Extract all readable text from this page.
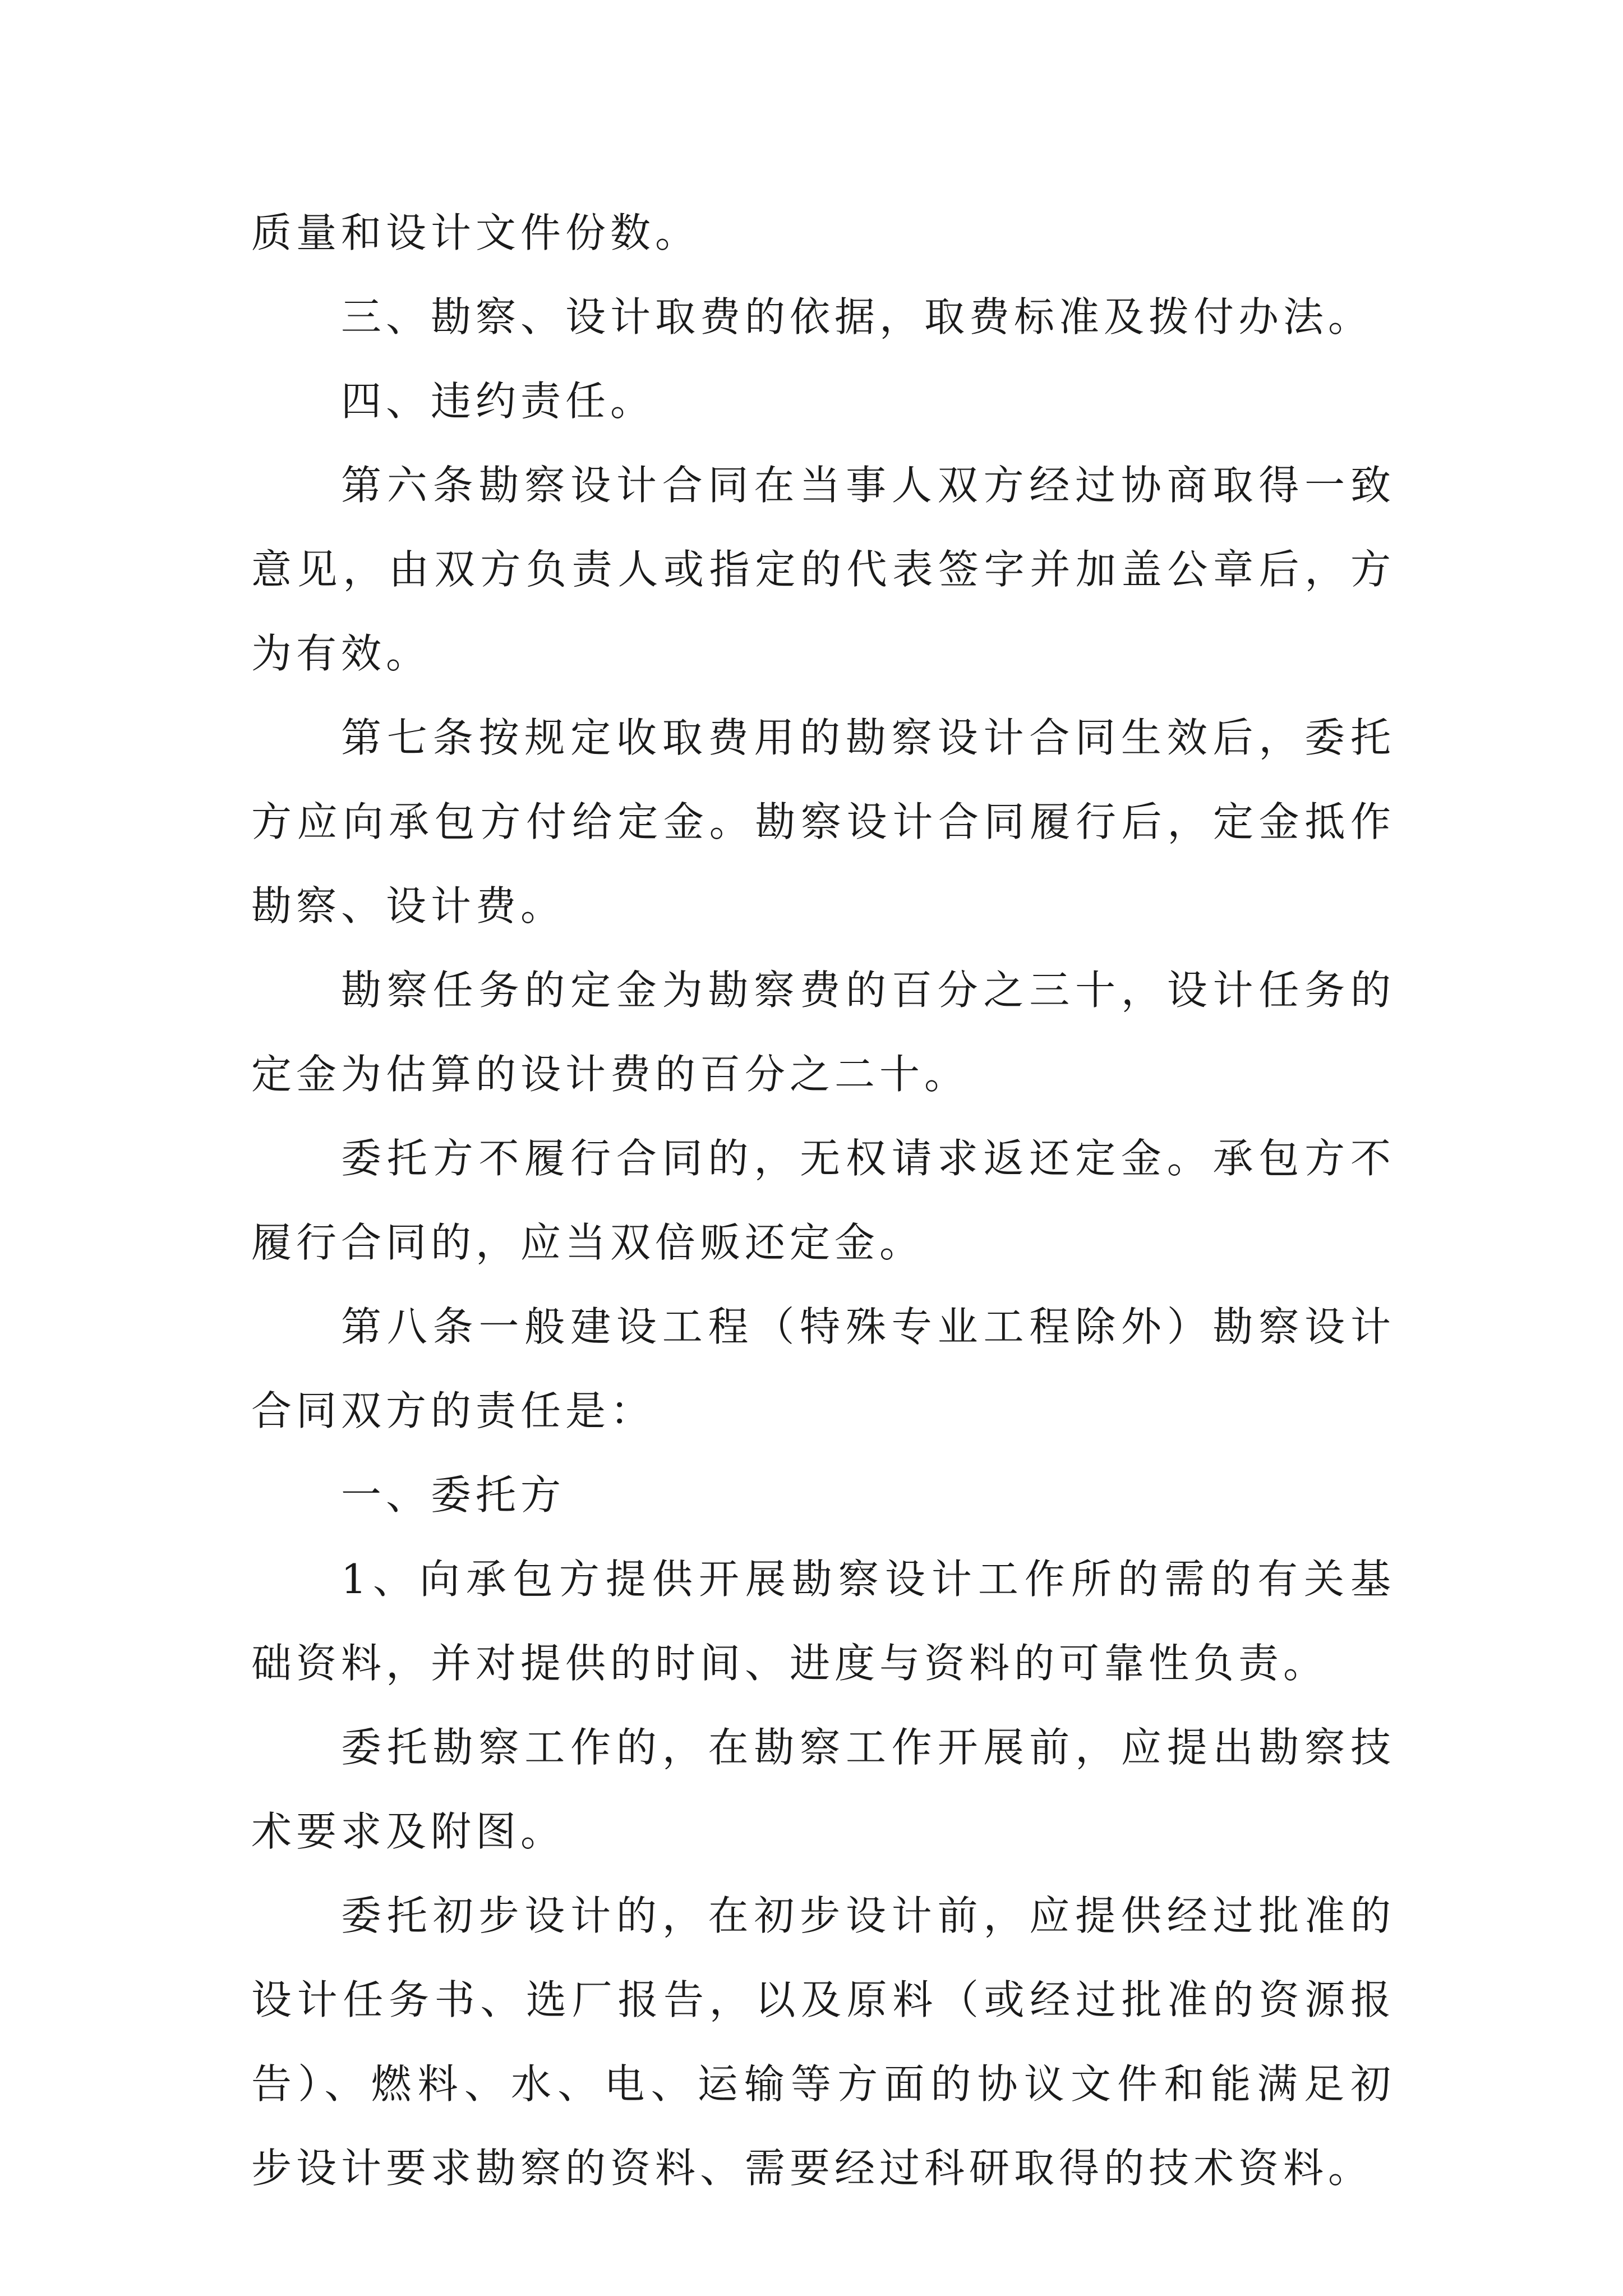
质量和设计文件份数。

三、勘察、设计取费的依据，取费标准及拨付办法。

四、违约责任。

第六条勘察设计合同在当事人双方经过协商取得一致意见，由双方负责人或指定的代表签字并加盖公章后，方为有效。

第七条按规定收取费用的勘察设计合同生效后，委托方应向承包方付给定金。勘察设计合同履行后，定金抵作勘察、设计费。

勘察任务的定金为勘察费的百分之三十，设计任务的定金为估算的设计费的百分之二十。

委托方不履行合同的，无权请求返还定金。承包方不履行合同的，应当双倍贩还定金。

第八条一般建设工程（特殊专业工程除外）勘察设计合同双方的责任是：

一、委托方

1、向承包方提供开展勘察设计工作所的需的有关基础资料，并对提供的时间、进度与资料的可靠性负责。

委托勘察工作的，在勘察工作开展前，应提出勘察技术要求及附图。

委托初步设计的，在初步设计前，应提供经过批准的设计任务书、选厂报告，以及原料（或经过批准的资源报告）、燃料、水、电、运输等方面的协议文件和能满足初步设计要求勘察的资料、需要经过科研取得的技术资料。
